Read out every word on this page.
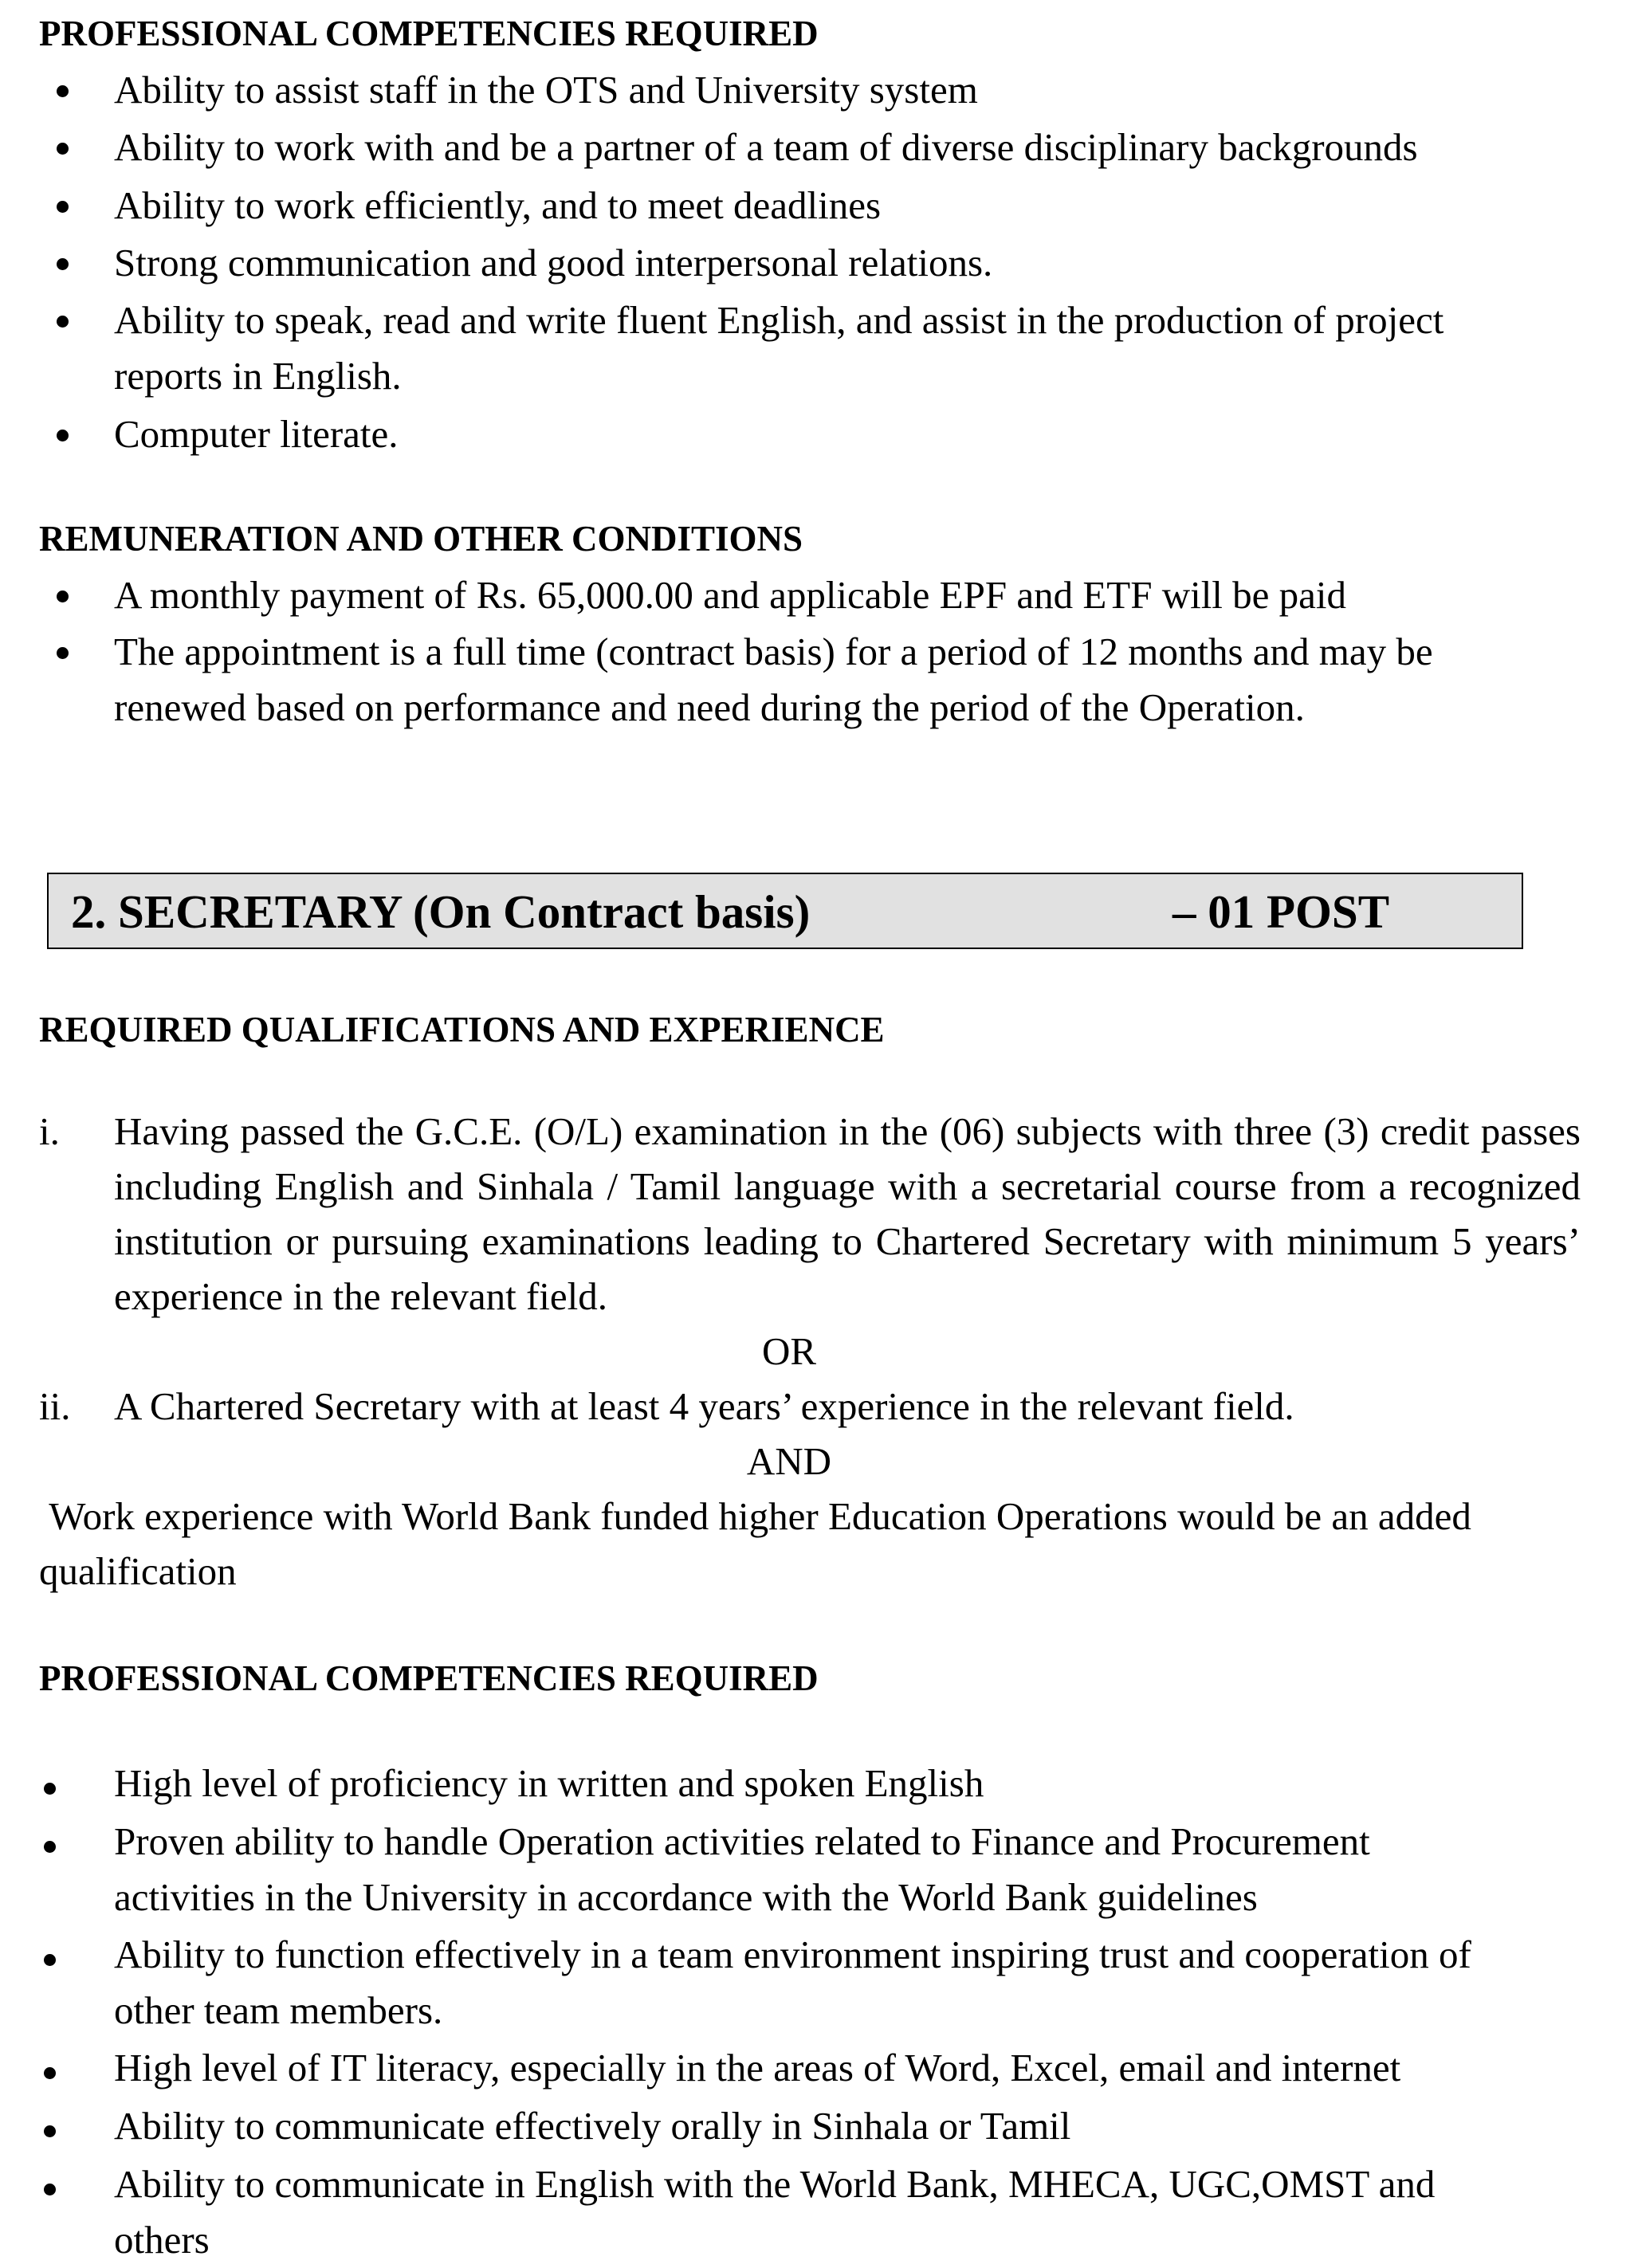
PROFESSIONAL COMPETENCIES REQUIRED
Ability to assist staff in the OTS and University system
Ability to work with and be a partner of a team of diverse disciplinary backgrounds
Ability to work efficiently, and to meet deadlines
Strong communication and good interpersonal relations.
Ability to speak, read and write fluent English, and assist in the production of project reports in English.
Computer literate.
REMUNERATION AND OTHER CONDITIONS
A monthly payment of Rs. 65,000.00 and applicable EPF and ETF will be paid
The appointment is a full time (contract basis) for a period of 12 months and may be renewed based on performance and need during the period of the Operation.
2. SECRETARY (On Contract basis)	– 01 POST
REQUIRED QUALIFICATIONS AND EXPERIENCE
i. Having passed the G.C.E. (O/L) examination in the (06) subjects with three (3) credit passes including English and Sinhala / Tamil language with a secretarial course from a recognized institution or pursuing examinations leading to Chartered Secretary with minimum 5 years’ experience in the relevant field.
OR
ii. A Chartered Secretary with at least 4 years’ experience in the relevant field.
AND
Work experience with World Bank funded higher Education Operations would be an added qualification
PROFESSIONAL COMPETENCIES REQUIRED
High level of proficiency in written and spoken English
Proven ability to handle Operation activities related to Finance and Procurement activities in the University in accordance with the World Bank guidelines
Ability to function effectively in a team environment inspiring trust and cooperation of other team members.
High level of IT literacy, especially in the areas of Word, Excel, email and internet
Ability to communicate effectively orally in Sinhala or Tamil
Ability to communicate in English with the World Bank, MHECA, UGC,OMST and others
